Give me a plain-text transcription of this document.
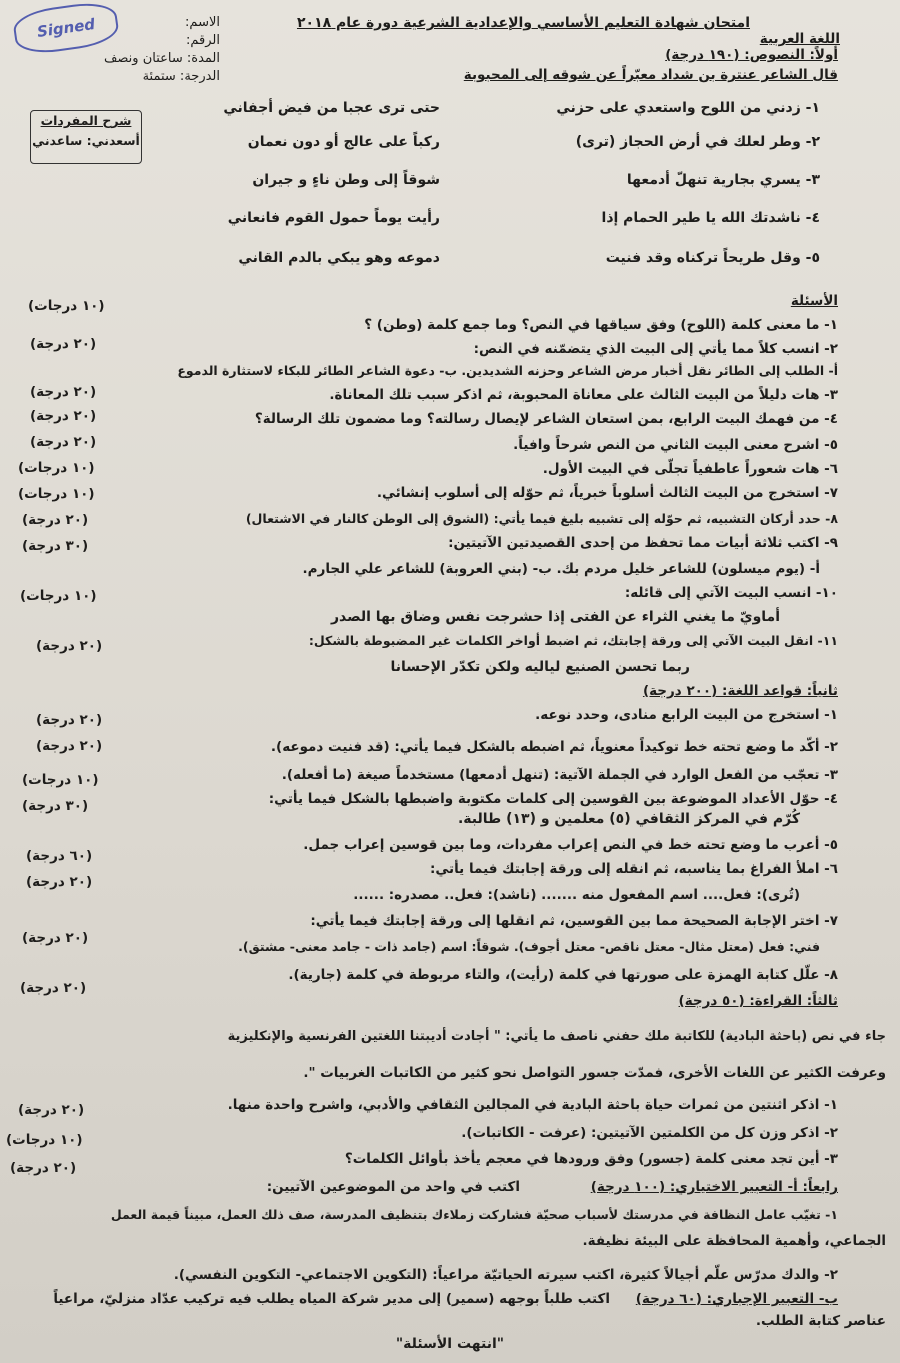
Signed	امتحان شهادة التعليم الأساسي والإعدادية الشرعية دورة عام ٢٠١٨
اللغة العربية
الاسم:
الرقم:
المدة: ساعتان ونصف
الدرجة: ستمئة
شرح المفردات
أسعدني: ساعدني
أولاً: النصوص: (١٩٠ درجة)
قال الشاعر عنترة بن شداد معبّراً عن شوقه إلى المحبوبة
١- زدني من اللوح واستعدي على حزني
حتى ترى عجبا من فيض أجفاني
٢- وطر لعلك في أرض الحجاز (ترى)
ركباً على عالج أو دون نعمان
٣- يسري بجارية تنهلّ أدمعها
شوقاً إلى وطن ناءٍ و جيران
٤- ناشدتك الله يا طير الحمام إذا
رأيت يوماً حمول القوم فانعاني
٥- وقل طريحاً تركناه وقد فنيت
دموعه وهو يبكي بالدم القاني
الأسئلة
١- ما معنى كلمة (اللوح) وفق سياقها في النص؟ وما جمع كلمة (وطن) ؟
(١٠ درجات)
٢- انسب كلاً مما يأتي إلى البيت الذي يتضمّنه في النص:
(٢٠ درجة)
أ- الطلب إلى الطائر نقل أخبار مرض الشاعر وحزنه الشديدين. ب- دعوة الشاعر الطائر للبكاء لاستثارة الدموع
٣- هات دليلاً من البيت الثالث على معاناة المحبوبة، ثم اذكر سبب تلك المعاناة.
(٢٠ درجة)
٤- من فهمك البيت الرابع، بمن استعان الشاعر لإيصال رسالته؟ وما مضمون تلك الرسالة؟
(٢٠ درجة)
٥- اشرح معنى البيت الثاني من النص شرحاً وافياً.
(٢٠ درجة)
٦- هات شعوراً عاطفياً تجلّى في البيت الأول.
(١٠ درجات)
٧- استخرج من البيت الثالث أسلوباً خبرياً، ثم حوّله إلى أسلوب إنشائي.
(١٠ درجات)
٨- حدد أركان التشبيه، ثم حوّله إلى تشبيه بليغ فيما يأتي: (الشوق إلى الوطن كالنار في الاشتعال)
(٢٠ درجة)
٩- اكتب ثلاثة أبيات مما تحفظ من إحدى القصيدتين الآتيتين:
(٣٠ درجة)
أ- (يوم ميسلون) للشاعر خليل مردم بك. ب- (بني العروبة) للشاعر علي الجارم.
١٠- انسب البيت الآتي إلى قائله:
(١٠ درجات)
أماويّ ما يغني الثراء عن الفتى إذا حشرجت نفس وضاق بها الصدر
١١- انقل البيت الآتي إلى ورقة إجابتك، ثم اضبط أواخر الكلمات غير المضبوطة بالشكل:
(٢٠ درجة)
ربما تحسن الصنيع لياليه ولكن تكدّر الإحسانا
ثانياً: قواعد اللغة: (٢٠٠ درجة)
١- استخرج من البيت الرابع منادى، وحدد نوعه.
(٢٠ درجة)
٢- أكّد ما وضع تحته خط توكيداً معنوياً، ثم اضبطه بالشكل فيما يأتي: (قد فنيت دموعه).
(٢٠ درجة)
٣- تعجّب من الفعل الوارد في الجملة الآتية: (تنهل أدمعها) مستخدماً صيغة (ما أفعله).
(١٠ درجات)
٤- حوّل الأعداد الموضوعة بين القوسين إلى كلمات مكتوبة واضبطها بالشكل فيما يأتي:
(٣٠ درجة)
كُرّم في المركز الثقافي (٥) معلمين و (١٣) طالبة.
٥- أعرب ما وضع تحته خط في النص إعراب مفردات، وما بين قوسين إعراب جمل.
(٦٠ درجة)
٦- املأ الفراغ بما يناسبه، ثم انقله إلى ورقة إجابتك فيما يأتي:
(٢٠ درجة)
(تُرى): فعل.... اسم المفعول منه ....... (ناشد): فعل.. مصدره: ......
٧- اختر الإجابة الصحيحة مما بين القوسين، ثم انقلها إلى ورقة إجابتك فيما يأتي:
(٢٠ درجة)
فني: فعل (معتل مثال- معتل ناقص- معتل أجوف). شوقاً: اسم (جامد ذات - جامد معنى- مشتق).
٨- علّل كتابة الهمزة على صورتها في كلمة (رأيت)، والتاء مربوطة في كلمة (جارية).
(٢٠ درجة)
ثالثاً: القراءة: (٥٠ درجة)
جاء في نص (باحثة البادية) للكاتبة ملك حفني ناصف ما يأتي: " أجادت أديبتنا اللغتين الفرنسية والإنكليزية
وعرفت الكثير عن اللغات الأخرى، فمدّت جسور التواصل نحو كثير من الكاتبات الغربيات ".
١- اذكر اثنتين من ثمرات حياة باحثة البادية في المجالين الثقافي والأدبي، واشرح واحدة منها.
(٢٠ درجة)
٢- اذكر وزن كل من الكلمتين الآتيتين: (عرفت - الكاتبات).
(١٠ درجات)
٣- أين تجد معنى كلمة (جسور) وفق ورودها في معجم يأخذ بأوائل الكلمات؟
(٢٠ درجة)
رابعاً: أ- التعبير الاختياري: (١٠٠ درجة)
اكتب في واحد من الموضوعين الآتيين:
١- تغيّب عامل النظافة في مدرستك لأسباب صحيّة فشاركت زملاءك بتنظيف المدرسة، صف ذلك العمل، مبيناً قيمة العمل
الجماعي، وأهمية المحافظة على البيئة نظيفة.
٢- والدك مدرّس علّم أجيالاً كثيرة، اكتب سيرته الحياتيّة مراعياً: (التكوين الاجتماعي- التكوين النفسي).
ب- التعبير الإجباري: (٦٠ درجة)
اكتب طلباً بوجهه (سمير) إلى مدير شركة المياه يطلب فيه تركيب عدّاد منزليّ، مراعياً
عناصر كتابة الطلب.
"انتهت الأسئلة"
